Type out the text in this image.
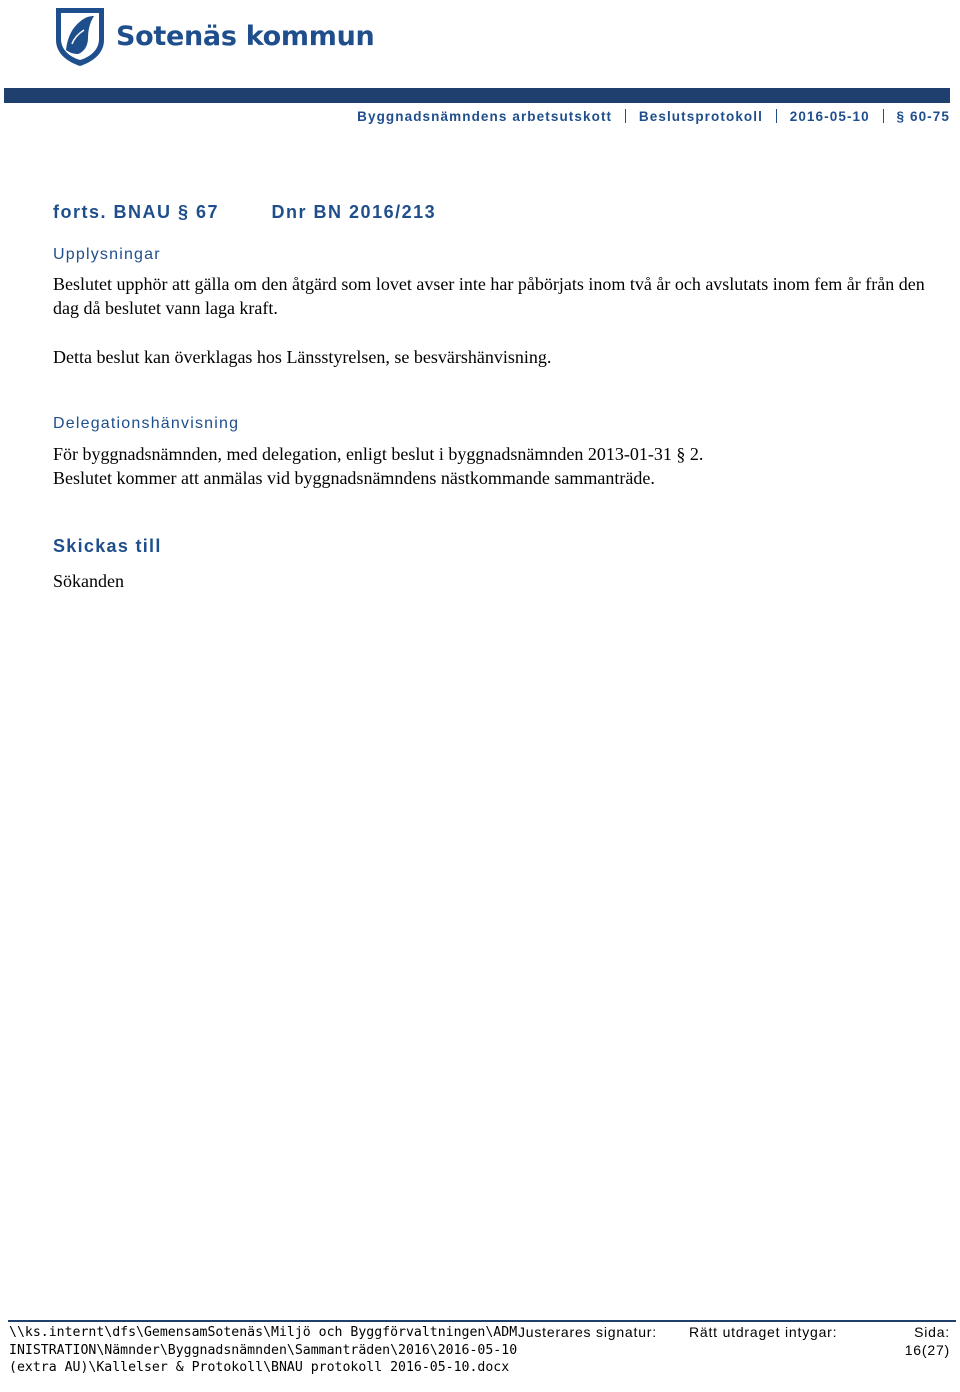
Sotenäs kommun
Byggnadsnämndens arbetsutskott Beslutsprotokoll 2016-05-10 § 60-75
forts. BNAU § 67	Dnr BN 2016/213
Upplysningar
Beslutet upphör att gälla om den åtgärd som lovet avser inte har påbörjats inom två år och avslutats inom fem år från den dag då beslutet vann laga kraft.
Detta beslut kan överklagas hos Länsstyrelsen, se besvärshänvisning.
Delegationshänvisning
För byggnadsnämnden, med delegation, enligt beslut i byggnadsnämnden 2013-01-31 § 2.
Beslutet kommer att anmälas vid byggnadsnämndens nästkommande sammanträde.
Skickas till
Sökanden
\\ks.internt\dfs\GemensamSotenäs\Miljö och Byggförvaltningen\ADMINISTRATION\Nämnder\Byggnadsnämnden\Sammanträden\2016\2016-05-10 (extra AU)\Kallelser & Protokoll\BNAU protokoll 2016-05-10.docx
Justerares signatur: Rätt utdraget intygar:	Sida:
16(27)
